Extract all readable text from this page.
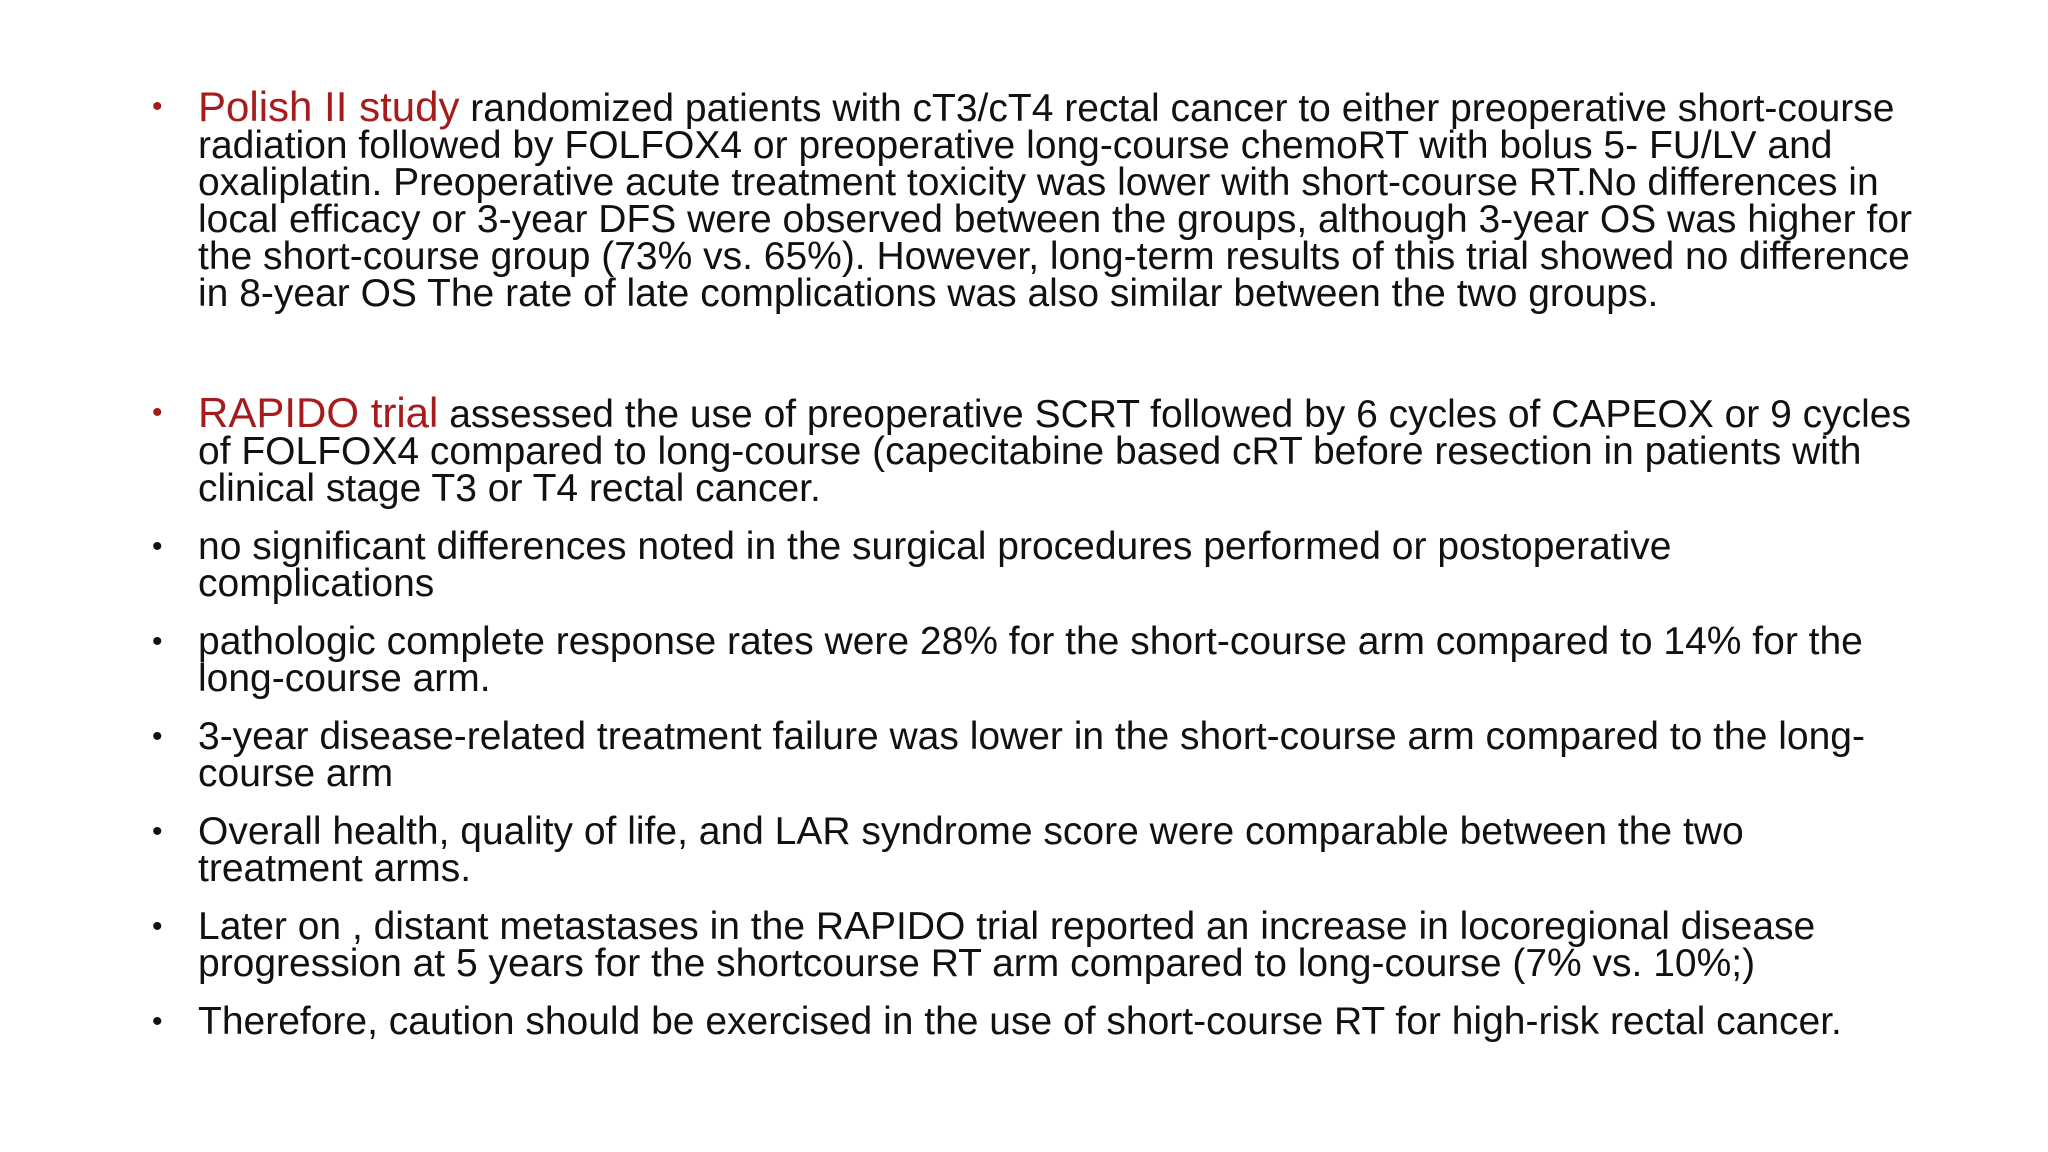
• Polish II study randomized patients with cT3/cT4 rectal cancer to either preoperative short-course radiation followed by FOLFOX4 or preoperative long-course chemoRT with bolus 5- FU/LV and oxaliplatin. Preoperative acute treatment toxicity was lower with short-course RT.No differences in local efficacy or 3-year DFS were observed between the groups, although 3-year OS was higher for the short-course group (73% vs. 65%). However, long-term results of this trial showed no difference in 8-year OS The rate of late complications was also similar between the two groups.
• RAPIDO trial assessed the use of preoperative SCRT followed by 6 cycles of CAPEOX or 9 cycles of FOLFOX4 compared to long-course (capecitabine based cRT before resection in patients with clinical stage T3 or T4 rectal cancer.
• no significant differences noted in the surgical procedures performed or postoperative complications
• pathologic complete response rates were 28% for the short-course arm compared to 14% for the long-course arm.
• 3-year disease-related treatment failure was lower in the short-course arm compared to the long-course arm
• Overall health, quality of life, and LAR syndrome score were comparable between the two treatment arms.
• Later on , distant metastases in the RAPIDO trial reported an increase in locoregional disease progression at 5 years for the shortcourse RT arm compared to long-course (7% vs. 10%;)
• Therefore, caution should be exercised in the use of short-course RT for high-risk rectal cancer.
